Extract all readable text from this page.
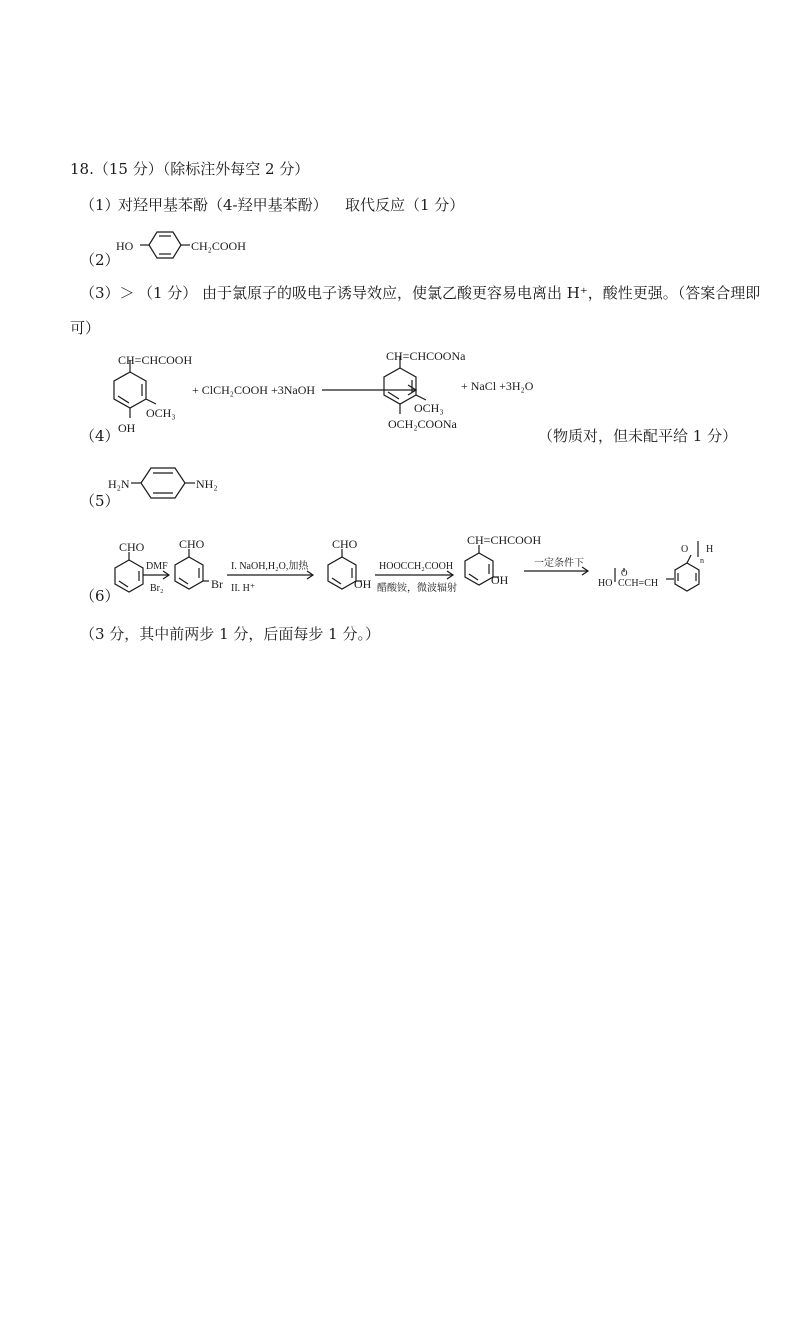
18.（15 分）（除标注外每空 2 分）
（1）
对羟甲基苯酚（4-羟甲基苯酚） 取代反应（1 分）
（2）
HO	CH₂COOH
（3）＞ （1 分） 由于氯原子的吸电子诱导效应，使氯乙酸更容易电离出 H⁺，酸性更强。（答案合理即
可）
CH=CHCOOH
OCH₃
OH
+ ClCH₂COOH +3NaOH
CH=CHCOONa
OCH₃
OCH₂COONa
+ NaCl +3H₂O
（4）	（物质对，但未配平给 1 分）
H₂N	NH₂
（5）
（6）
CHO
DMF
Br₂
CHO
Br
I. NaOH,H₂O,加热
II. H⁺
CHO
OH
HOOCCH₂COOH
醋酸铵，微波辐射
CH=CHCOOH
OH
一定条件下
HO
O
CCH=CH
O
n
H
（3 分，其中前两步 1 分，后面每步 1 分。）
